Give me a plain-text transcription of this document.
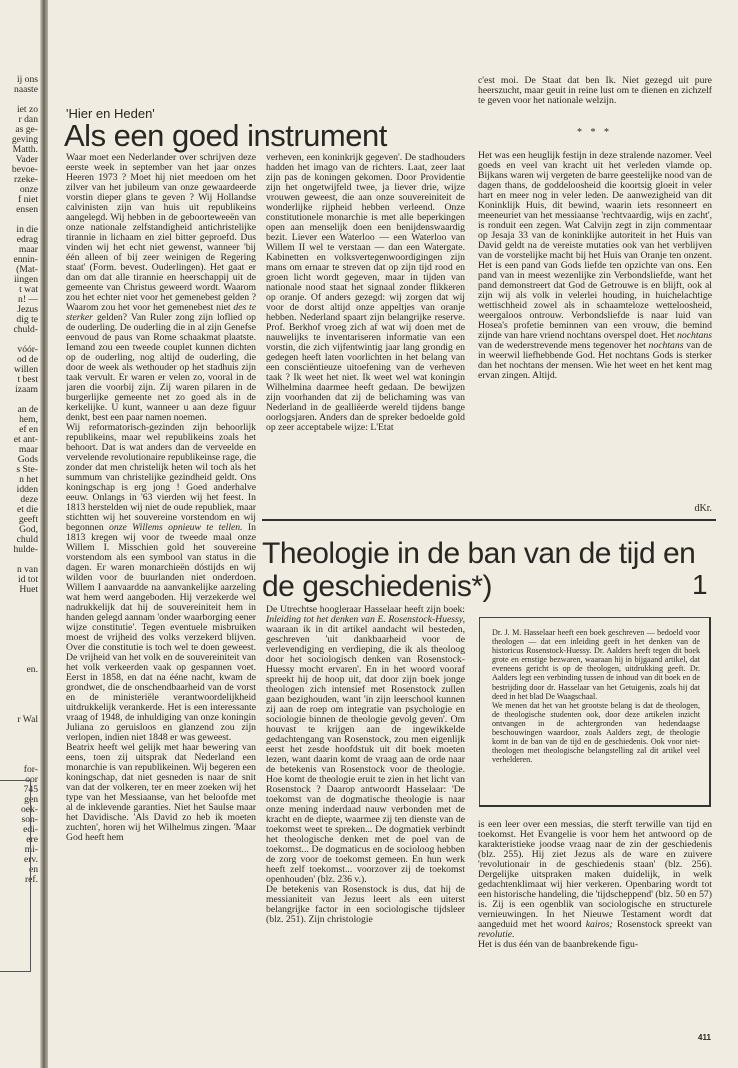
ij ons
naaste

iet zo
r dan
as ge-
geving
Matth.
Vader
bevoe-
rzeke-
onze
f niet
ensen

in die
edrag
maar
ennin-
(Mat-
iingen
t wat
n! —
Jezus
dig te
chuld-

vóór-
od de
willen
t best
izaam

an de
hem,
ef en
et ant-
maar
Gods
s Ste-
n het
idden
deze
et die
geeft
God,
chuld
hulde-

n van
id tot
Huet

en.

r Wal

for-
oor
745
gen
oek-
son-
edi-
ere
mi-
erv.
en
ref.
'Hier en Heden'
Als een goed instrument

Waar moet een Nederlander over schrijven deze eerste week in september van het jaar onzes Heeren 1973 ? Moet hij niet meedoen om het zilver van het jubileum van onze gewaardeerde vorstin dieper glans te geven ? Wij Hollandse calvinisten zijn van huis uit republikeins aangelegd. Wij hebben in de geboorteweeën van onze nationale zelfstandigheid antichristelijke tirannie in lichaam en ziel bitter geproefd. Dus vinden wij het echt niet gewenst, wanneer 'bij één alleen of bij zeer weinigen de Regering staat' (Form. bevest. Ouderlingen). Het gaat er dan om dat alle tirannie en heerschappij uit de gemeente van Christus geweerd wordt. Waarom zou het echter niet voor het gemenebest gelden ? Waarom zou het voor het gemenebest niet des te sterker gelden? Van Ruler zong zijn loflied op de ouderling. De ouderling die in al zijn Genefse eenvoud de paus van Rome schaakmat plaatste. Iemand zou een tweede couplet kunnen dichten op de ouderling, nog altijd de ouderling, die door de week als wethouder op het stadhuis zijn taak vervult. Er waren er velen zo, vooral in de jaren die voorbij zijn. Zij waren pilaren in de burgerlijke gemeente net zo goed als in de kerkelijke. U kunt, wanneer u aan deze figuur denkt, best een paar namen noemen.

Wij reformatorisch-gezinden zijn behoorlijk republikeins, maar wel republikeins zoals het behoort. Dat is wat anders dan de verveelde en vervelende revolutionaire republikeinse rage, die zonder dat men christelijk heten wil toch als het summum van christelijke gezindheid geldt. Ons koningschap is erg jong ! Goed anderhalve eeuw. Onlangs in '63 vierden wij het feest. In 1813 herstelden wij niet de oude republiek, maar stichtten wij het souvereine vorstendom en wij begonnen onze Willems opnieuw te tellen. In 1813 kregen wij voor de tweede maal onze Willem I. Misschien gold het souvereine vorstendom als een symbool van status in die dagen. Er waren monarchieën dóstijds en wij wilden voor de buurlanden niet onderdoen. Willem I aanvaardde na aanvankelijke aarzeling wat hem werd aangeboden. Hij verzekerde wel nadrukkelijk dat hij de souvereiniteit hem in handen gelegd aannam 'onder waarborging eener wijze constitutie'. Tegen eventuele misbruiken moest de vrijheid des volks verzekerd blijven. Over die constitutie is toch wel te doen geweest. De vrijheid van het volk en de souvereiniteit van het volk verkeerden vaak op gespannen voet. Eerst in 1858, en dat na ééne nacht, kwam de grondwet, die de onschendbaarheid van de vorst en de ministeriële verantwoordelijkheid uitdrukkelijk verankerde. Het is een interessante vraag of 1948, de inhuldiging van onze koningin Juliana zo geruisloos en glanzend zou zijn verlopen, indien niet 1848 er was geweest.

Beatrix heeft wel gelijk met haar bewering van eens, toen zij uitsprak dat Nederland een monarchie is van republikeinen. Wij begeren een koningschap, dat niet gesneden is naar de snit van dat der volkeren, ter en meer zoeken wij het type van het Messiaanse, van het beloofde met al de inklevende garanties. Niet het Saulse maar het Davidische. 'Als David zo heb ik moeten zuchten', horen wij het Wilhelmus zingen. 'Maar God heeft hem

verheven, een koninkrijk gegeven'. De stadhouders hadden het imago van de richters. Laat, zeer laat zijn pas de koningen gekomen. Door Providentie zijn het ongetwijfeld twee, ja liever drie, wijze vrouwen geweest, die aan onze souvereiniteit de wonderlijke rijpheid hebben verleend. Onze constitutionele monarchie is met alle beperkingen open aan menselijk doen een benijdenswaardig bezit. Liever een Waterloo — een Waterloo van Willem II wel te verstaan — dan een Watergate. Kabinetten en volksvertegenwoordigingen zijn mans om ernaar te streven dat op zijn tijd rood en groen licht wordt gegeven, maar in tijden van nationale nood staat het signaal zonder flikkeren op oranje. Of anders gezegd: wij zorgen dat wij voor de dorst altijd onze appeltjes van oranje hebben. Nederland spaart zijn belangrijke reserve. Prof. Berkhof vroeg zich af wat wij doen met de nauwelijks te inventariseren informatie van een vorstin, die zich vijfentwintig jaar lang grondig en gedegen heeft laten voorlichten in het belang van een consciëntieuze uitoefening van de verheven taak ? Ik weet het niet. Ik weet wel wat koningin Wilhelmina daarmee heeft gedaan. De bewijzen zijn voorhanden dat zij de belichaming was van Nederland in de gealliëerde wereld tijdens bange oorlogsjaren. Anders dan de spreker bedoelde gold op zeer acceptabele wijze: L'Etat

c'est moi. De Staat dat ben Ik. Niet gezegd uit pure heerszucht, maar geuit in reine lust om te dienen en zichzelf te geven voor het nationale welzijn.

* * *

Het was een heuglijk festijn in deze stralende nazomer. Veel goeds en veel van kracht uit het verleden vlamde op. Bijkans waren wij vergeten de barre geestelijke nood van de dagen thans, de goddeloosheid die koortsig gloeit in veler hart en meer nog in veler leden. De aanwezigheid van dit Koninklijk Huis, dit bewind, waarin iets resonneert en meeneuriet van het messiaanse 'rechtvaardig, wijs en zacht', is ronduit een zegen. Wat Calvijn zegt in zijn commentaar op Jesaja 33 van de koninklijke autoriteit in het Huis van David geldt na de vereiste mutaties ook van het verblijven van de vorstelijke macht bij het Huis van Oranje ten onzent. Het is een pand van Gods liefde ten opzichte van ons. Een pand van in meest wezenlijke zin Verbondsliefde, want het pand demonstreert dat God de Getrouwe is en blijft, ook al zijn wij als volk in velerlei houding, in huichelachtige wettischheid zowel als in schaamteloze wetteloosheid, weergaloos ontrouw. Verbondsliefde is naar luid van Hosea's profetie beminnen van een vrouw, die bemind zijnde van hare vriend nochtans overspel doet. Het nochtans van de wederstrevende mens tegenover het nochtans van de in weerwil liefhebbende God. Het nochtans Gods is sterker dan het nochtans der mensen. Wie het weet en het kent mag ervan zingen. Altijd.

dKr.
Theologie in de ban van de tijd en de geschiedenis*)	1

De Utrechtse hoogleraar Hasselaar heeft zijn boek: Inleiding tot het denken van E. Rosenstock-Huessy, waaraan ik in dit artikel aandacht wil besteden, geschreven 'uit dankbaarheid voor de verlevendiging en verdieping, die ik als theoloog door het sociologisch denken van Rosenstock-Huessy mocht ervaren'. En in het woord vooraf spreekt hij de hoop uit, dat door zijn boek jonge theologen zich intensief met Rosenstock zullen gaan bezighouden, want 'in zijn leerschool kunnen zij aan de roep om integratie van psychologie en sociologie binnen de theologie gevolg geven'. Om houvast te krijgen aan de ingewikkelde gedachtengang van Rosenstock, zou men eigenlijk eerst het zesde hoofdstuk uit dit boek moeten lezen, want daarin komt de vraag aan de orde naar de betekenis van Rosenstock voor de theologie. Hoe komt de theologie eruit te zien in het licht van Rosenstock ? Daarop antwoordt Hasselaar: 'De toekomst van de dogmatische theologie is naar onze mening inderdaad nauw verbonden met de kracht en de diepte, waarmee zij ten dienste van de toekomst weet te spreken... De dogmatiek verbindt het theologische denken met de poel van de toekomst... De dogmaticus en de socioloog hebben de zorg voor de toekomst gemeen. En hun werk heeft zelf toekomst... voorzover zij de toekomst openhouden' (blz. 236 v.).

De betekenis van Rosenstock is dus, dat hij de messianiteit van Jezus leert als een uiterst belangrijke factor in een sociologische tijdsleer (blz. 251). Zijn christologie

Dr. J. M. Hasselaar heeft een boek geschreven — bedoeld voor theologen — dat een inleiding geeft in het denken van de historicus Rosenstock-Huessy. Dr. Aalders heeft tegen dit boek grote en ernstige bezwaren, waaraan hij in bijgaand artikel, dat eveneens gericht is op de theologen, uitdrukking geeft. Dr. Aalders legt een verbinding tussen de inhoud van dit boek en de bestrijding door dr. Hasselaar van het Getuigenis, zoals hij dat deed in het blad De Waagschaal.

We menen dat het van het grootste belang is dat de theologen, de theologische studenten ook, door deze artikelen inzicht ontvangen in de achtergronden van hedendaagse beschouwingen waardoor, zoals Aalders zegt, de theologie komt in de ban van de tijd en de geschiedenis. Ook voor niet-theologen met theologische belangstelling zal dit artikel veel verhelderen.

is een leer over een messias, die sterft terwille van tijd en toekomst. Het Evangelie is voor hem het antwoord op de karakteristieke joodse vraag naar de zin der geschiedenis (blz. 255). Hij ziet Jezus als de ware en zuivere 'revolutionair in de geschiedenis staan' (blz. 256). Dergelijke uitspraken maken duidelijk, in welk gedachtenklimaat wij hier verkeren. Openbaring wordt tot een historische handeling, die 'tijdscheppend' (blz. 50 en 57) is. Zij is een ogenblik van sociologische en structurele vernieuwingen. In het Nieuwe Testament wordt dat aangeduid met het woord kairos; Rosenstock spreekt van revolutie.

Het is dus één van de baanbrekende figu-

411
